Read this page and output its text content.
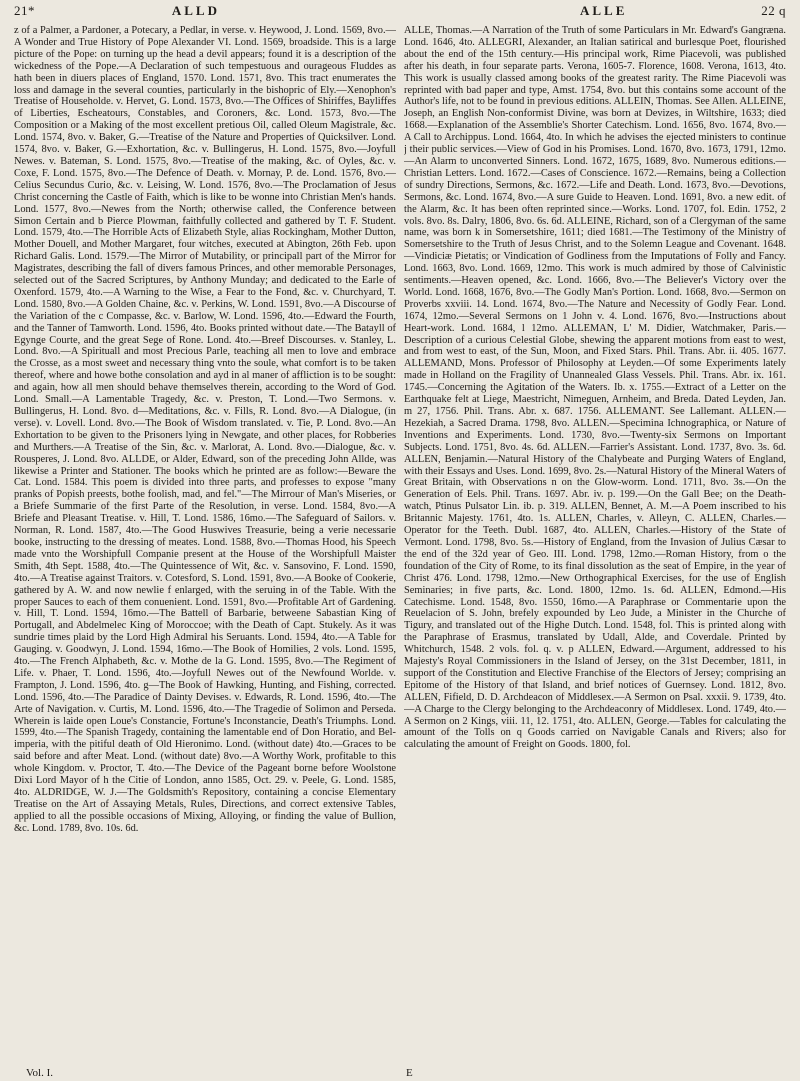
21*	ALLD	ALLE	22 q

z of a Palmer, a Pardoner, a Potecary, a Pedlar, in verse. v. Heywood, J. Lond. 1569, 8vo.—A Wonder and True History of Pope Alexander VI. Lond. 1569, broadside. This is a large picture of the Pope: on turning up the head a devil appears; found it is a description of the wickedness of the Pope.—A Declaration of such tempestuous and ourageous Fluddes as hath been in diuers places of England, 1570. Lond. 1571, 8vo. This tract enumerates the loss and damage in the several counties, particularly in the bishopric of Ely.—Xenophon's Treatise of Householde. v. Hervet, G. Lond. 1573, 8vo.—The Offices of Shiriffes, Bayliffes of Liberties, Escheatours, Constables, and Coroners, &c. Lond. 1573, 8vo.—The Composition or a Making of the most excellent pretious Oil, called Oleum Magistrale, &c. Lond. 1574, 8vo. v. Baker, G.—Treatise of the Nature and Properties of Quicksilver. Lond. 1574, 8vo. v. Baker, G.—Exhortation, &c. v. Bullingerus, H. Lond. 1575, 8vo.—Joyfull Newes. v. Bateman, S. Lond. 1575, 8vo.—Treatise of the making, &c. of Oyles, &c. v. Coxe, F. Lond. 1575, 8vo.—The Defence of Death. v. Mornay, P. de. Lond. 1576, 8vo.—Celius Secundus Curio, &c. v. Leising, W. Lond. 1576, 8vo.—The Proclamation of Jesus Christ concerning the Castle of Faith, which is like to be wonne into Christian Men's hands. Lond. 1577, 8vo.—Newes from the North; otherwise called, the Conference between Simon Certain and b Pierce Plowman, faithfully collected and gathered by T. F. Student. Lond. 1579, 4to.—The Horrible Acts of Elizabeth Style, alias Rockingham, Mother Dutton, Mother Douell, and Mother Margaret, four witches, executed at Abington, 26th Feb. upon Richard Galis. Lond. 1579.—The Mirror of Mutability, or principall part of the Mirror for Magistrates, describing the fall of divers famous Princes, and other memorable Personages, selected out of the Sacred Scriptures, by Anthony Munday; and dedicated to the Earle of Oxenford. 1579, 4to.—A Warning to the Wise, a Fear to the Fond, &c. v. Churchyard, T. Lond. 1580, 8vo.—A Golden Chaine, &c. v. Perkins, W. Lond. 1591, 8vo.—A Discourse of the Variation of the c Compasse, &c. v. Barlow, W. Lond. 1596, 4to.—Edward the Fourth, and the Tanner of Tamworth. Lond. 1596, 4to. Books printed without date.—The Batayll of Egynge Courte, and the great Sege of Rone. Lond. 4to.—Breef Discourses. v. Stanley, L. Lond. 8vo.—A Spirituall and most Precious Parle, teaching all men to love and embrace the Crosse, as a most sweet and necessary thing vnto the soule, what comfort is to be taken thereof, where and howe bothe consolation and ayd in al maner of affliction is to be sought: and again, how all men should behave themselves therein, according to the Word of God. Lond. Small.—A Lamentable Tragedy, &c. v. Preston, T. Lond.—Two Sermons. v. Bullingerus, H. Lond. 8vo. d—Meditations, &c. v. Fills, R. Lond. 8vo.—A Dialogue, (in verse). v. Lovell. Lond. 8vo.—The Book of Wisdom translated. v. Tie, P. Lond. 8vo.—An Exhortation to be given to the Prisoners lying in Newgate, and other places, for Robberies and Murthers.—A Treatise of the Sin, &c. v. Marlorat, A. Lond. 8vo.—Dialogue, &c. v. Rousperes, J. Lond. 8vo. ALLDE, or Alder, Edward, son of the preceding John Allde, was likewise a Printer and Stationer. The books which he printed are as follow:—Beware the Cat. Lond. 1584. This poem is divided into three parts, and professes to expose "many pranks of Popish preests, bothe foolish, mad, and fel."—The Mirrour of Man's Miseries, or a Briefe Summarie of the first Parte of the Resolution, in verse. Lond. 1584, 8vo.—A Briefe and Pleasant Treatise. v. Hill, T. Lond. 1586, 16mo.—The Safeguard of Sailors. v. Norman, R. Lond. 1587, 4to.—The Good Huswives Treasurie, being a verie necessarie booke, instructing to the dressing of meates. Lond. 1588, 8vo.—Thomas Hood, his Speech made vnto the Worshipfull Companie present at the House of the Worshipfull Maister Smith, 4th Sept. 1588, 4to.—The Quintessence of Wit, &c. v. Sansovino, F. Lond. 1590, 4to.—A Treatise against Traitors. v. Cotesford, S. Lond. 1591, 8vo.—A Booke of Cookerie, gathered by A. W. and now newlie f enlarged, with the seruing in of the Table. With the proper Sauces to each of them conuenient. Lond. 1591, 8vo.—Profitable Art of Gardening. v. Hill, T. Lond. 1594, 16mo.—The Battell of Barbarie, betweene Sabastian King of Portugall, and Abdelmelec King of Moroccoe; with the Death of Capt. Stukely. As it was sundrie times plaid by the Lord High Admiral his Seruants. Lond. 1594, 4to.—A Table for Gauging. v. Goodwyn, J. Lond. 1594, 16mo.—The Book of Homilies, 2 vols. Lond. 1595, 4to.—The French Alphabeth, &c. v. Mothe de la G. Lond. 1595, 8vo.—The Regiment of Life. v. Phaer, T. Lond. 1596, 4to.—Joyfull Newes out of the Newfound Worlde. v. Frampton, J. Lond. 1596, 4to. g—The Book of Hawking, Hunting, and Fishing, corrected. Lond. 1596, 4to.—The Paradice of Dainty Devises. v. Edwards, R. Lond. 1596, 4to.—The Arte of Navigation. v. Curtis, M. Lond. 1596, 4to.—The Tragedie of Solimon and Perseda. Wherein is laide open Loue's Constancie, Fortune's Inconstancie, Death's Triumphs. Lond. 1599, 4to.—The Spanish Tragedy, containing the lamentable end of Don Horatio, and Bel-imperia, with the pitiful death of Old Hieronimo. Lond. (without date) 4to.—Graces to be said before and after Meat. Lond. (without date) 8vo.—A Worthy Work, profitable to this whole Kingdom. v. Proctor, T. 4to.—The Device of the Pageant borne before Woolstone Dixi Lord Mayor of h the Citie of London, anno 1585, Oct. 29. v. Peele, G. Lond. 1585, 4to. ALDRIDGE, W. J.—The Goldsmith's Repository, containing a concise Elementary Treatise on the Art of Assaying Metals, Rules, Directions, and correct extensive Tables, applied to all the possible occasions of Mixing, Alloying, or finding the value of Bullion, &c. Lond. 1789, 8vo. 10s. 6d.

ALLE, Thomas.—A Narration of the Truth of some Particulars in Mr. Edward's Gangræna. Lond. 1646, 4to. ALLEGRI, Alexander, an Italian satirical and burlesque Poet, flourished about the end of the 15th century.—His principal work, Rime Piacevoli, was published after his death, in four separate parts. Verona, 1605-7. Florence, 1608. Verona, 1613, 4to. This work is usually classed among books of the greatest rarity. The Rime Piacevoli was reprinted with bad paper and type, Amst. 1754, 8vo. but this contains some account of the Author's life, not to be found in previous editions. ALLEIN, Thomas. See Allen. ALLEINE, Joseph, an English Non-conformist Divine, was born at Devizes, in Wiltshire, 1633; died 1668.—Explanation of the Assemblie's Shorter Catechism. Lond. 1656, 8vo. 1674, 8vo.—A Call to Archippus. Lond. 1664, 4to. In which he advises the ejected ministers to continue j their public services.—View of God in his Promises. Lond. 1670, 8vo. 1673, 1791, 12mo.—An Alarm to unconverted Sinners. Lond. 1672, 1675, 1689, 8vo. Numerous editions.—Christian Letters. Lond. 1672.—Cases of Conscience. 1672.—Remains, being a Collection of sundry Directions, Sermons, &c. 1672.—Life and Death. Lond. 1673, 8vo.—Devotions, Sermons, &c. Lond. 1674, 8vo.—A sure Guide to Heaven. Lond. 1691, 8vo. a new edit. of the Alarm, &c. It has been often reprinted since.—Works. Lond. 1707, fol. Edin. 1752, 2 vols. 8vo. 8s. Dalry, 1806, 8vo. 6s. 6d. ALLEINE, Richard, son of a Clergyman of the same name, was born k in Somersetshire, 1611; died 1681.—The Testimony of the Ministry of Somersetshire to the Truth of Jesus Christ, and to the Solemn League and Covenant. 1648.—Vindiciæ Pietatis; or Vindication of Godliness from the Imputations of Folly and Fancy. Lond. 1663, 8vo. Lond. 1669, 12mo. This work is much admired by those of Calvinistic sentiments.—Heaven opened, &c. Lond. 1666, 8vo.—The Believer's Victory over the World. Lond. 1668, 1676, 8vo.—The Godly Man's Portion. Lond. 1668, 8vo.—Sermon on Proverbs xxviii. 14. Lond. 1674, 8vo.—The Nature and Necessity of Godly Fear. Lond. 1674, 12mo.—Several Sermons on 1 John v. 4. Lond. 1676, 8vo.—Instructions about Heart-work. Lond. 1684, l 12mo. ALLEMAN, L' M. Didier, Watchmaker, Paris.—Description of a curious Celestial Globe, shewing the apparent motions from east to west, and from west to east, of the Sun, Moon, and Fixed Stars. Phil. Trans. Abr. ii. 405. 1677. ALLEMAND, Mons. Professor of Philosophy at Leyden.—Of some Experiments lately made in Holland on the Fragility of Unannealed Glass Vessels. Phil. Trans. Abr. ix. 161. 1745.—Concerning the Agitation of the Waters. Ib. x. 1755.—Extract of a Letter on the Earthquake felt at Liege, Maestricht, Nimeguen, Arnheim, and Breda. Dated Leyden, Jan. m 27, 1756. Phil. Trans. Abr. x. 687. 1756. ALLEMANT. See Lallemant. ALLEN.—Hezekiah, a Sacred Drama. 1798, 8vo. ALLEN.—Specimina Ichnographica, or Nature of Inventions and Experiments. Lond. 1730, 8vo.—Twenty-six Sermons on Important Subjects. Lond. 1751, 8vo. 4s. 6d. ALLEN.—Farrier's Assistant. Lond. 1737, 8vo. 3s. 6d. ALLEN, Benjamin.—Natural History of the Chalybeate and Purging Waters of England, with their Essays and Uses. Lond. 1699, 8vo. 2s.—Natural History of the Mineral Waters of Great Britain, with Observations n on the Glow-worm. Lond. 1711, 8vo. 3s.—On the Generation of Eels. Phil. Trans. 1697. Abr. iv. p. 199.—On the Gall Bee; on the Death-watch, Ptinus Pulsator Lin. ib. p. 319. ALLEN, Bennet, A. M.—A Poem inscribed to his Britannic Majesty. 1761, 4to. 1s. ALLEN, Charles, v. Alleyn, C. ALLEN, Charles.—Operator for the Teeth. Dubl. 1687, 4to. ALLEN, Charles.—History of the State of Vermont. Lond. 1798, 8vo. 5s.—History of England, from the Invasion of Julius Cæsar to the end of the 32d year of Geo. III. Lond. 1798, 12mo.—Roman History, from o the foundation of the City of Rome, to its final dissolution as the seat of Empire, in the year of Christ 476. Lond. 1798, 12mo.—New Orthographical Exercises, for the use of English Seminaries; in five parts, &c. Lond. 1800, 12mo. 1s. 6d. ALLEN, Edmond.—His Catechisme. Lond. 1548, 8vo. 1550, 16mo.—A Paraphrase or Commentarie upon the Reuelacion of S. John, brefely expounded by Leo Jude, a Minister in the Churche of Tigury, and translated out of the Highe Dutch. Lond. 1548, fol. This is printed along with the Paraphrase of Erasmus, translated by Udall, Alde, and Coverdale. Printed by Whitchurch, 1548. 2 vols. fol. q. v. p ALLEN, Edward.—Argument, addressed to his Majesty's Royal Commissioners in the Island of Jersey, on the 31st December, 1811, in support of the Constitution and Elective Franchise of the Electors of Jersey; comprising an Epitome of the History of that Island, and brief notices of Guernsey. Lond. 1812, 8vo. ALLEN, Fifield, D. D. Archdeacon of Middlesex.—A Sermon on Psal. xxxii. 9. 1739, 4to.—A Charge to the Clergy belonging to the Archdeaconry of Middlesex. Lond. 1749, 4to.—A Sermon on 2 Kings, viii. 11, 12. 1751, 4to. ALLEN, George.—Tables for calculating the amount of the Tolls on q Goods carried on Navigable Canals and Rivers; also for calculating the amount of Freight on Goods. 1800, fol.

Vol. I.	E
